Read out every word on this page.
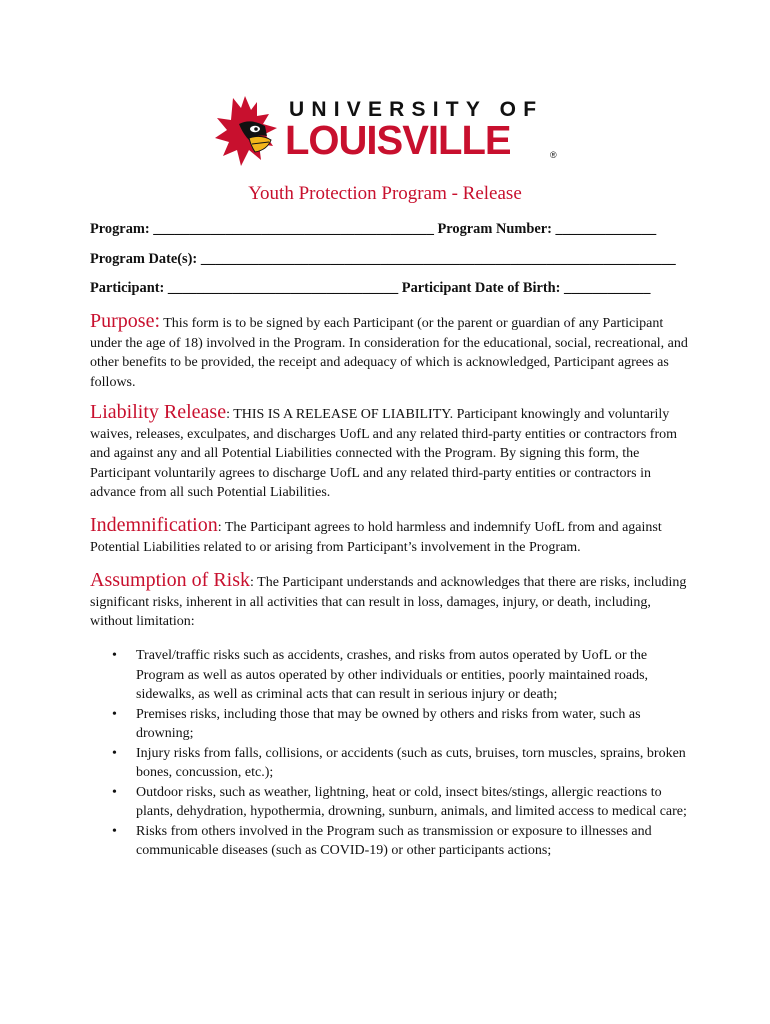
UNIVERSITY OF
LOUISVILLE	®
Youth Protection Program - Release
Program: _______________________________________ Program Number: ______________
Program Date(s): __________________________________________________________________
Participant: ________________________________ Participant Date of Birth: ____________

Purpose: This form is to be signed by each Participant (or the parent or guardian of any Participant under the age of 18) involved in the Program. In consideration for the educational, social, recreational, and other benefits to be provided, the receipt and adequacy of which is acknowledged, Participant agrees as follows.

Liability Release: THIS IS A RELEASE OF LIABILITY. Participant knowingly and voluntarily waives, releases, exculpates, and discharges UofL and any related third-party entities or contractors from and against any and all Potential Liabilities connected with the Program. By signing this form, the Participant voluntarily agrees to discharge UofL and any related third-party entities or contractors in advance from all such Potential Liabilities.

Indemnification: The Participant agrees to hold harmless and indemnify UofL from and against Potential Liabilities related to or arising from Participant’s involvement in the Program.

Assumption of Risk: The Participant understands and acknowledges that there are risks, including significant risks, inherent in all activities that can result in loss, damages, injury, or death, including, without limitation:

• Travel/traffic risks such as accidents, crashes, and risks from autos operated by UofL or the Program as well as autos operated by other individuals or entities, poorly maintained roads, sidewalks, as well as criminal acts that can result in serious injury or death;
• Premises risks, including those that may be owned by others and risks from water, such as drowning;
• Injury risks from falls, collisions, or accidents (such as cuts, bruises, torn muscles, sprains, broken bones, concussion, etc.);
• Outdoor risks, such as weather, lightning, heat or cold, insect bites/stings, allergic reactions to plants, dehydration, hypothermia, drowning, sunburn, animals, and limited access to medical care;
• Risks from others involved in the Program such as transmission or exposure to illnesses and communicable diseases (such as COVID-19) or other participants actions;
